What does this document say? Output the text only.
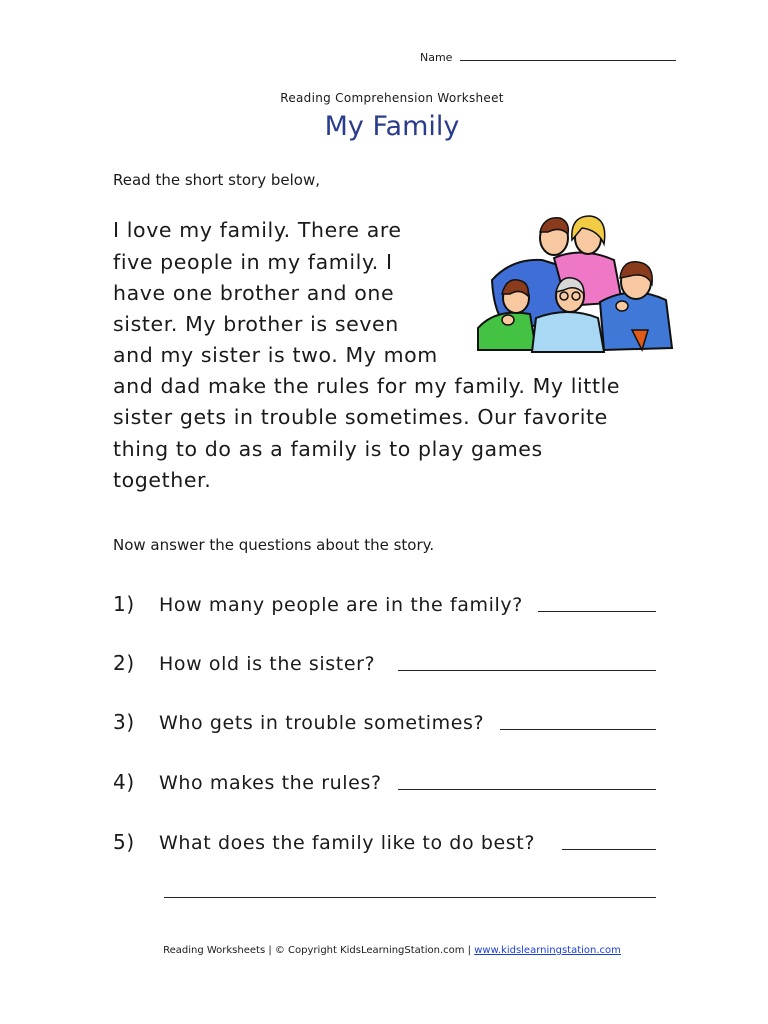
Name
Reading Comprehension Worksheet
My Family
Read the short story below,
I love my family. There are
five people in my family. I
have one brother and one
sister. My brother is seven
and my sister is two. My mom
and dad make the rules for my family. My little
sister gets in trouble sometimes. Our favorite
thing to do as a family is to play games
together.
Now answer the questions about the story.
1) How many people are in the family?
2) How old is the sister?
3) Who gets in trouble sometimes?
4) Who makes the rules?
5) What does the family like to do best?
Reading Worksheets | © Copyright KidsLearningStation.com | www.kidslearningstation.com
